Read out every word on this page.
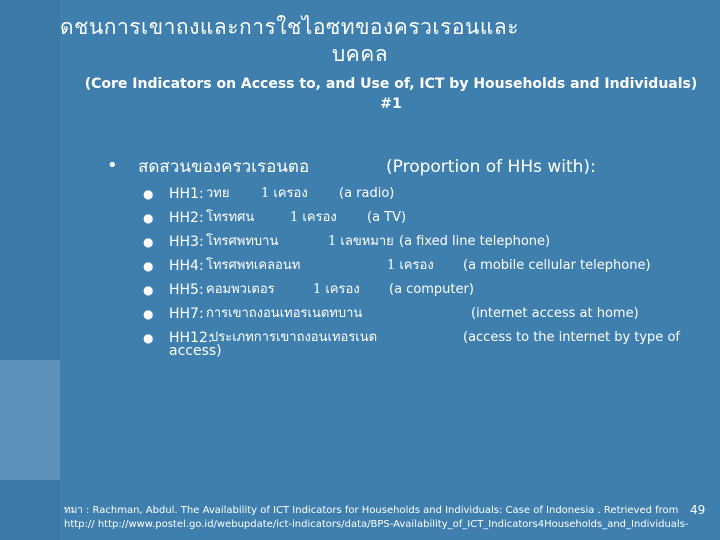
ดชนการเขาถงและการใชไอซทของครวเรอนและ
บคคล
(Core Indicators on Access to, and Use of, ICT by Households and Individuals)
#1
• สดสวนของครวเรอนตอ	(Proportion of HHs with):
● HH1: วทย 1 เครอง (a radio)
● HH2: โทรทศน	1 เครอง (a TV)
● HH3: โทรศพทบาน	1 เลขหมาย (a fixed line telephone)
● HH4: โทรศพทเคลอนท	1 เครอง (a mobile cellular telephone)
● HH5: คอมพวเตอร	1 เครอง (a computer)
● HH7: การเขาถงอนเทอรเนตทบาน	(internet access at home)
● HH12:
ประเภทการเขาถงอนเทอรเนต	(access to the internet by type of
access)
ทมา : Rachman, Abdul. The Availability of ICT Indicators for Households and Individuals: Case of Indonesia . Retrieved from
http:// http://www.postel.go.id/webupdate/ict-indicators/data/BPS-Availability_of_ICT_Indicators4Households_and_Individuals-
49
